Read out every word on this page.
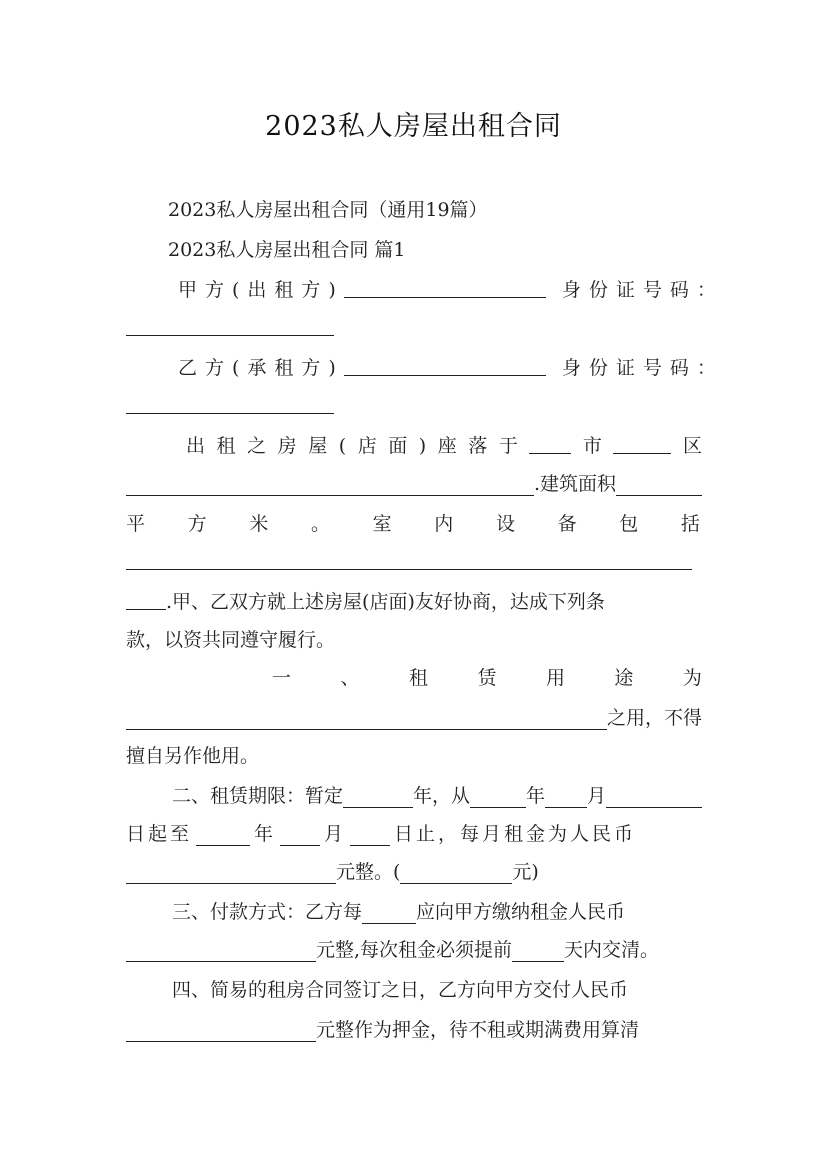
2023私人房屋出租合同
2023私人房屋出租合同（通用19篇）
2023私人房屋出租合同 篇1
甲方(出租方)	身份证号码：
乙方(承租方)	身份证号码：
出 租 之 房 屋 ( 店 面 ) 座 落 于	市	区
.建筑面积
平 方 米 。 室 内 设 备 包 括
.甲、乙双方就上述房屋(店面)友好协商，达成下列条
款，以资共同遵守履行。
一	、	租	赁	用	途	为
之用，不得
擅自另作他用。
二、租赁期限：暂定	年，从	年 月
日起至	年	月	日止，每月租金为人民币
元整。(	元)
三、付款方式：乙方每	应向甲方缴纳租金人民币
元整,每次租金必须提前	天内交清。
四、简易的租房合同签订之日，乙方向甲方交付人民币
元整作为押金，待不租或期满费用算清
